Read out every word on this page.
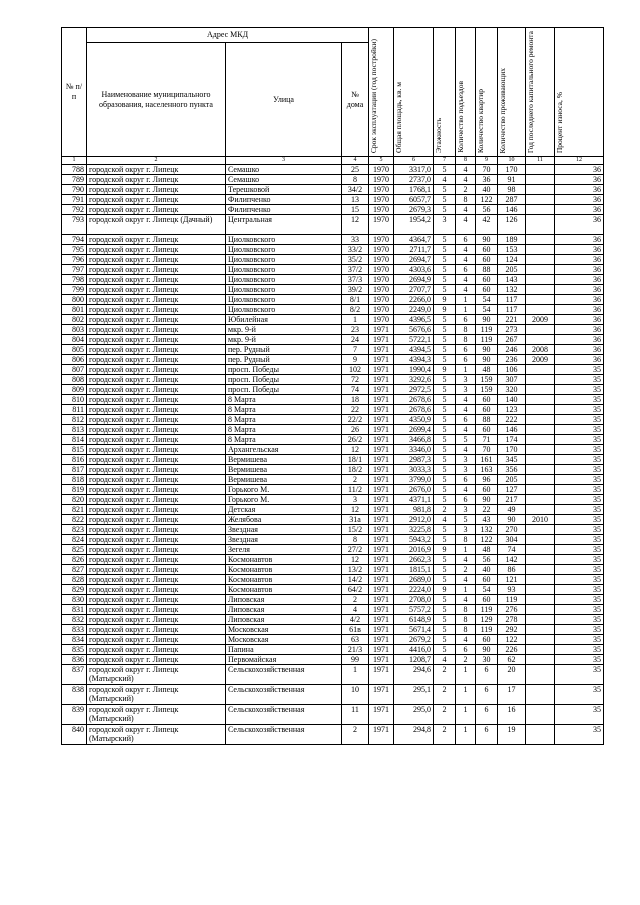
№ п/п	Адрес МКД			Срок эксплуатации (год постройки)	Общая площадь, кв. м	Этажность	Количество подъездов	Количество квартир	Количество проживающих	Год последнего капитального ремонта	Процент износа, %

	Наименование муниципального образования, населенного пункта	Улица	№ дома								
1	2	3	4	5	6	7	8	9	10	11	12
788	городской округ г. Липецк	Семашко	25	1970	3317,0	5	4	70	170		36
789	городской округ г. Липецк	Семашко	8	1970	2737,0	4	4	36	91		36
790	городской округ г. Липецк	Терешковой	34/2	1970	1768,1	5	2	40	98		36
791	городской округ г. Липецк	Филипченко	13	1970	6057,7	5	8	122	287		36
792	городской округ г. Липецк	Филипченко	15	1970	2679,3	5	4	56	146		36
793	городской округ г. Липецк (Дачный)	Центральная	12	1970	1954,2	3	4	42	126		36
794	городской округ г. Липецк	Циолковского	33	1970	4364,7	5	6	90	189		36
795	городской округ г. Липецк	Циолковского	33/2	1970	2711,7	5	4	60	153		36
796	городской округ г. Липецк	Циолковского	35/2	1970	2694,7	5	4	60	124		36
797	городской округ г. Липецк	Циолковского	37/2	1970	4303,6	5	6	88	205		36
798	городской округ г. Липецк	Циолковского	37/3	1970	2694,9	5	4	60	143		36
799	городской округ г. Липецк	Циолковского	39/2	1970	2707,7	5	4	60	132		36
800	городской округ г. Липецк	Циолковского	8/1	1970	2266,0	9	1	54	117		36
801	городской округ г. Липецк	Циолковского	8/2	1970	2249,0	9	1	54	117		36
802	городской округ г. Липецк	Юбилейная	1	1970	4396,5	5	6	90	221	2009	36
803	городской округ г. Липецк	мкр. 9-й	23	1971	5676,6	5	8	119	273		36
804	городской округ г. Липецк	мкр. 9-й	24	1971	5722,1	5	8	119	267		36
805	городской округ г. Липецк	пер. Рудный	7	1971	4394,5	5	6	90	246	2008	36
806	городской округ г. Липецк	пер. Рудный	9	1971	4394,3	5	6	90	236	2009	36
807	городской округ г. Липецк	просп. Победы	102	1971	1990,4	9	1	48	106		35
808	городской округ г. Липецк	просп. Победы	72	1971	3292,6	5	3	159	307		35
809	городской округ г. Липецк	просп. Победы	74	1971	2972,5	5	3	159	320		35
810	городской округ г. Липецк	8 Марта	18	1971	2678,6	5	4	60	140		35
811	городской округ г. Липецк	8 Марта	22	1971	2678,6	5	4	60	123		35
812	городской округ г. Липецк	8 Марта	22/2	1971	4350,9	5	6	88	222		35
813	городской округ г. Липецк	8 Марта	26	1971	2699,4	5	4	60	146		35
814	городской округ г. Липецк	8 Марта	26/2	1971	3466,8	5	5	71	174		35
815	городской округ г. Липецк	Архангельская	12	1971	3346,0	5	4	70	170		35
816	городской округ г. Липецк	Вермишева	18/1	1971	2987,3	5	3	161	345		35
817	городской округ г. Липецк	Вермишева	18/2	1971	3033,3	5	3	163	356		35
818	городской округ г. Липецк	Вермишева	2	1971	3799,0	5	6	96	205		35
819	городской округ г. Липецк	Горького М.	11/2	1971	2676,0	5	4	60	127		35
820	городской округ г. Липецк	Горького М.	3	1971	4371,1	5	6	90	217		35
821	городской округ г. Липецк	Детская	12	1971	981,8	2	3	22	49		35
822	городской округ г. Липецк	Желябова	31а	1971	2912,0	4	5	43	90	2010	35
823	городской округ г. Липецк	Звездная	15/2	1971	3225,8	5	3	132	270		35
824	городской округ г. Липецк	Звездная	8	1971	5943,2	5	8	122	304		35
825	городской округ г. Липецк	Зегеля	27/2	1971	2016,9	9	1	48	74		35
826	городской округ г. Липецк	Космонавтов	12	1971	2662,3	5	4	56	142		35
827	городской округ г. Липецк	Космонавтов	13/2	1971	1815,1	5	2	40	86		35
828	городской округ г. Липецк	Космонавтов	14/2	1971	2689,0	5	4	60	121		35
829	городской округ г. Липецк	Космонавтов	64/2	1971	2224,0	9	1	54	93		35
830	городской округ г. Липецк	Липовская	2	1971	2708,0	5	4	60	119		35
831	городской округ г. Липецк	Липовская	4	1971	5757,2	5	8	119	276		35
832	городской округ г. Липецк	Липовская	4/2	1971	6148,9	5	8	129	278		35
833	городской округ г. Липецк	Московская	61в	1971	5671,4	5	8	119	292		35
834	городской округ г. Липецк	Московская	63	1971	2679,2	5	4	60	122		35
835	городской округ г. Липецк	Папина	21/3	1971	4416,0	5	6	90	226		35
836	городской округ г. Липецк	Первомайская	99	1971	1208,7	4	2	30	62		35
837	городской округ г. Липецк (Матырский)	Сельскохозяйственная	1	1971	294,6	2	1	6	20		35
838	городской округ г. Липецк (Матырский)	Сельскохозяйственная	10	1971	295,1	2	1	6	17		35
839	городской округ г. Липецк (Матырский)	Сельскохозяйственная	11	1971	295,0	2	1	6	16		35
840	городской округ г. Липецк (Матырский)	Сельскохозяйственная	2	1971	294,8	2	1	6	19		35
